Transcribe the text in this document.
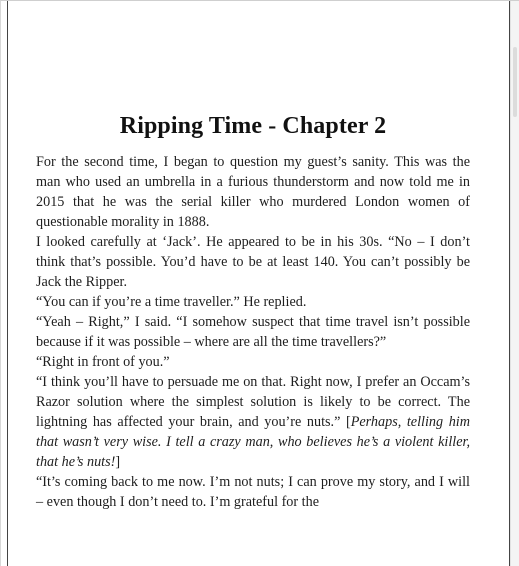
Ripping Time - Chapter 2

For the second time, I began to question my guest’s sanity. This was the man who used an umbrella in a furious thunderstorm and now told me in 2015 that he was the serial killer who murdered London women of questionable morality in 1888.

I looked carefully at ‘Jack’. He appeared to be in his 30s. “No – I don’t think that’s possible. You’d have to be at least 140. You can’t possibly be Jack the Ripper.

“You can if you’re a time traveller.” He replied.

“Yeah – Right,” I said. “I somehow suspect that time travel isn’t possible because if it was possible – where are all the time travellers?”

“Right in front of you.”

“I think you’ll have to persuade me on that. Right now, I prefer an Occam’s Razor solution where the simplest solution is likely to be correct. The lightning has affected your brain, and you’re nuts.” [Perhaps, telling him that wasn’t very wise. I tell a crazy man, who believes he’s a violent killer, that he’s nuts!]

“It’s coming back to me now. I’m not nuts; I can prove my story, and I will – even though I don’t need to. I’m grateful for the
